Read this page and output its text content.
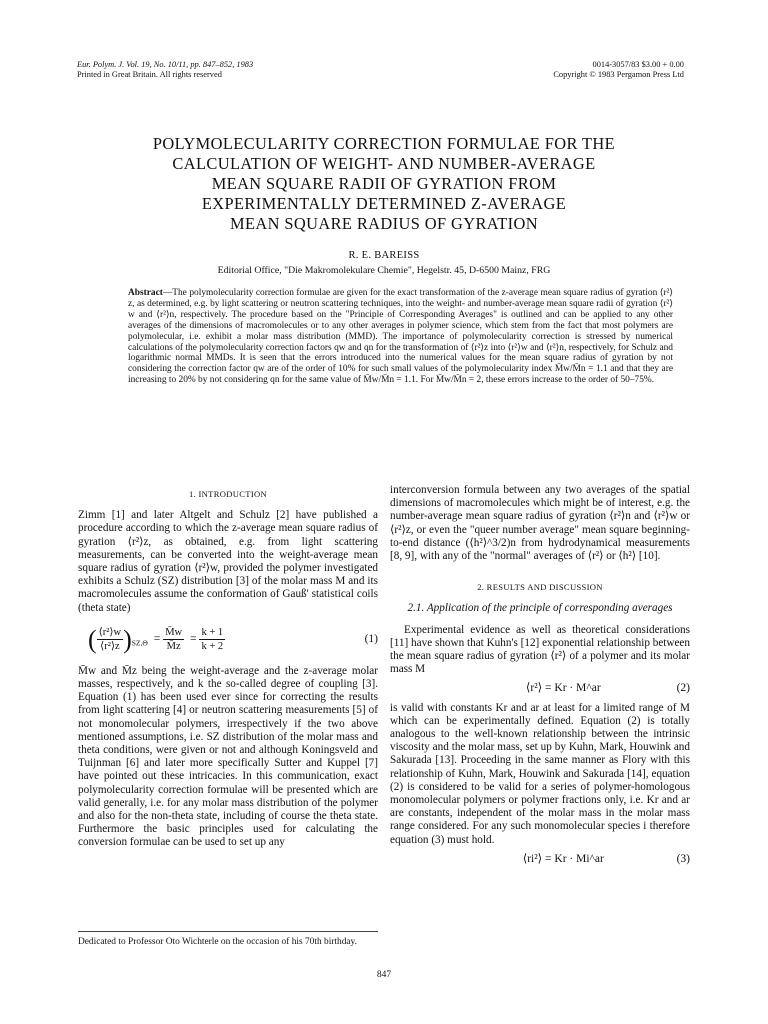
Eur. Polym. J. Vol. 19, No. 10/11, pp. 847–852, 1983
Printed in Great Britain. All rights reserved
0014-3057/83 $3.00 + 0.00
Copyright © 1983 Pergamon Press Ltd
POLYMOLECULARITY CORRECTION FORMULAE FOR THE
CALCULATION OF WEIGHT- AND NUMBER-AVERAGE
MEAN SQUARE RADII OF GYRATION FROM
EXPERIMENTALLY DETERMINED Z-AVERAGE
MEAN SQUARE RADIUS OF GYRATION
R. E. BAREISS
Editorial Office, "Die Makromolekulare Chemie", Hegelstr. 45, D-6500 Mainz, FRG
Abstract—The polymolecularity correction formulae are given for the exact transformation of the z-average mean square radius of gyration ⟨r²⟩z, as determined, e.g. by light scattering or neutron scattering techniques, into the weight- and number-average mean square radii of gyration ⟨r²⟩w and ⟨r²⟩n, respectively. The procedure based on the "Principle of Corresponding Averages" is outlined and can be applied to any other averages of the dimensions of macromolecules or to any other averages in polymer science, which stem from the fact that most polymers are polymolecular, i.e. exhibit a molar mass distribution (MMD). The importance of polymolecularity correction is stressed by numerical calculations of the polymolecularity correction factors qw and qn for the transformation of ⟨r²⟩z into ⟨r²⟩w and ⟨r²⟩n, respectively, for Schulz and logarithmic normal MMDs. It is seen that the errors introduced into the numerical values for the mean square radius of gyration by not considering the correction factor qw are of the order of 10% for such small values of the polymolecularity index M̄w/M̄n = 1.1 and that they are increasing to 20% by not considering qn for the same value of M̄w/M̄n = 1.1. For M̄w/M̄n = 2, these errors increase to the order of 50–75%.
1. INTRODUCTION

Zimm [1] and later Altgelt and Schulz [2] have published a procedure according to which the z-average mean square radius of gyration ⟨r²⟩z, as obtained, e.g. from light scattering measurements, can be converted into the weight-average mean square radius of gyration ⟨r²⟩w, provided the polymer investigated exhibits a Schulz (SZ) distribution [3] of the molar mass M and its macromolecules assume the conformation of Gauß' statistical coils (theta state)

( $\frac{\text{⟨r²⟩w}}{\text{⟨r²⟩z}} )_{SZ,\Theta} = \frac{M̄w}{M̄z} = \frac{k + 1}{k + 2}$	(1)

M̄w and M̄z being the weight-average and the z-average molar masses, respectively, and k the so-called degree of coupling [3]. Equation (1) has been used ever since for correcting the results from light scattering [4] or neutron scattering measurements [5] of not monomolecular polymers, irrespectively if the two above mentioned assumptions, i.e. SZ distribution of the molar mass and theta conditions, were given or not and although Koningsveld and Tuijnman [6] and later more specifically Sutter and Kuppel [7] have pointed out these intricacies. In this communication, exact polymolecularity correction formulae will be presented which are valid generally, i.e. for any molar mass distribution of the polymer and also for the non-theta state, including of course the theta state. Furthermore the basic principles used for calculating the conversion formulae can be used to set up any

Dedicated to Professor Oto Wichterle on the occasion of his 70th birthday.

interconversion formula between any two averages of the spatial dimensions of macromolecules which might be of interest, e.g. the number-average mean square radius of gyration ⟨r²⟩n and ⟨r²⟩w or ⟨r²⟩z, or even the "queer number average" mean square beginning-to-end distance (⟨h²⟩^3/2)n from hydrodynamical measurements [8, 9], with any of the "normal" averages of ⟨r²⟩ or ⟨h²⟩ [10].

2. RESULTS AND DISCUSSION
2.1. Application of the principle of corresponding averages

Experimental evidence as well as theoretical considerations [11] have shown that Kuhn's [12] exponential relationship between the mean square radius of gyration ⟨r²⟩ of a polymer and its molar mass M

⟨r²⟩ = Kr · M^ar	(2)

is valid with constants Kr and ar at least for a limited range of M which can be experimentally defined. Equation (2) is totally analogous to the well-known relationship between the intrinsic viscosity and the molar mass, set up by Kuhn, Mark, Houwink and Sakurada [13]. Proceeding in the same manner as Flory with this relationship of Kuhn, Mark, Houwink and Sakurada [14], equation (2) is considered to be valid for a series of polymer-homologous monomolecular polymers or polymer fractions only, i.e. Kr and ar are constants, independent of the molar mass in the molar mass range considered. For any such monomolecular species i therefore equation (3) must hold.

⟨ri²⟩ = Kr · Mi^ar	(3)
847
